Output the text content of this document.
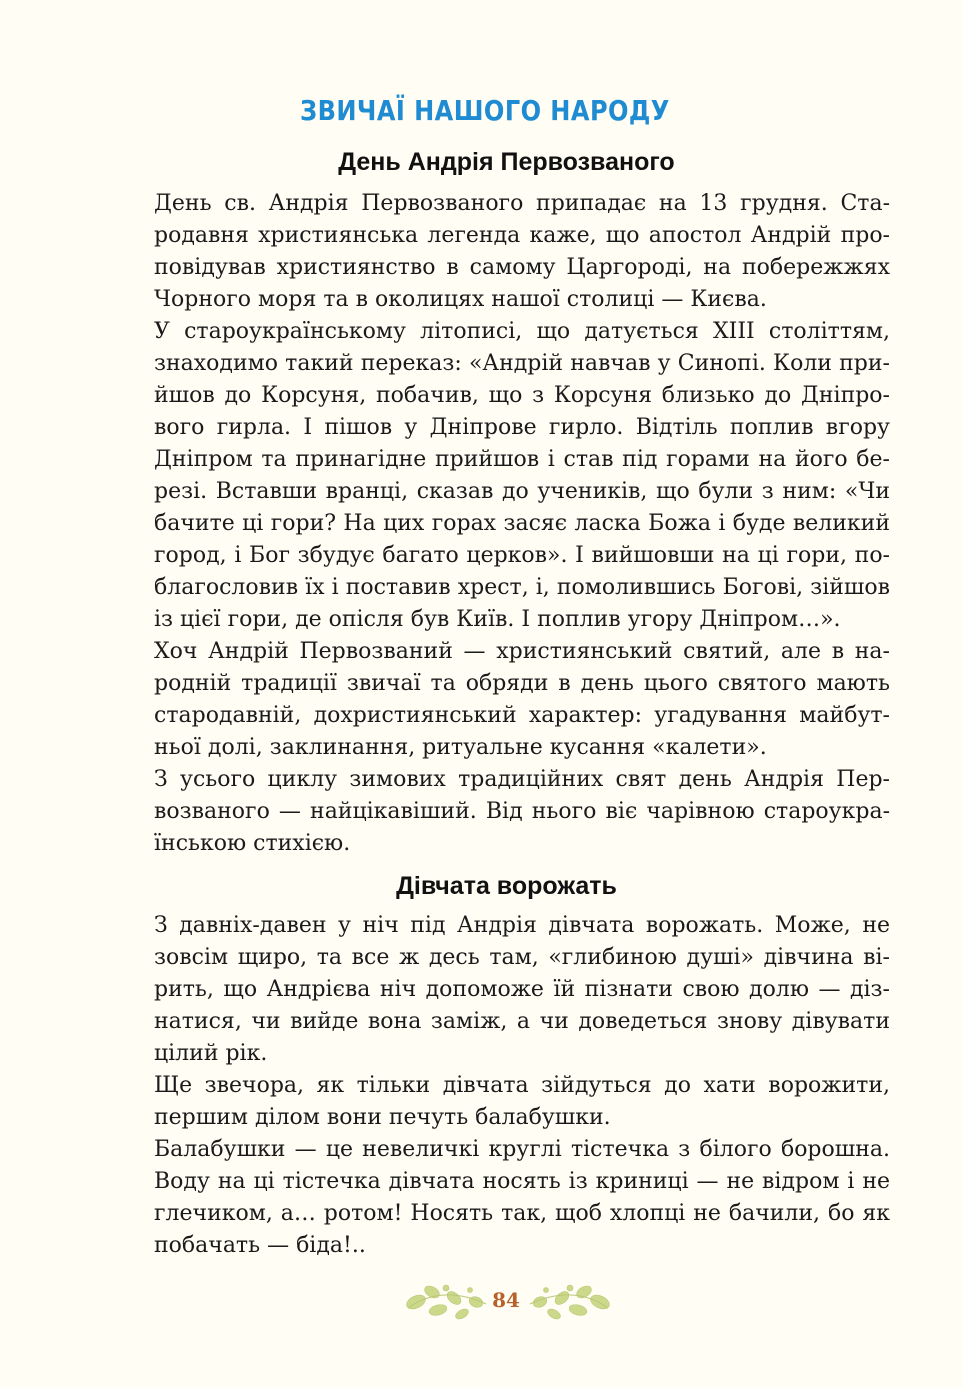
ЗВИЧАЇ НАШОГО НАРОДУ
День Андрія Первозваного

День св. Андрія Первозваного припадає на 13 грудня. Ста-
родавня християнська легенда каже, що апостол Андрій про-
повідував християнство в самому Царгороді, на побережжях
Чорного моря та в околицях нашої столиці — Києва.

У староукраїнському літописі, що датується XIII століттям,
знаходимо такий переказ: «Андрій навчав у Синопі. Коли при-
йшов до Корсуня, побачив, що з Корсуня близько до Дніпро-
вого гирла. І пішов у Дніпрове гирло. Відтіль поплив вгору
Дніпром та принагідне прийшов і став під горами на його бе-
резі. Вставши вранці, сказав до учеників, що були з ним: «Чи
бачите ці гори? На цих горах засяє ласка Божа і буде великий
город, і Бог збудує багато церков». І вийшовши на ці гори, по-
благословив їх і поставив хрест, і, помолившись Богові, зійшов
із цієї гори, де опісля був Київ. І поплив угору Дніпром…».

Хоч Андрій Первозваний — християнський святий, але в на-
родній традиції звичаї та обряди в день цього святого мають
стародавній, дохристиянський характер: угадування майбут-
ньої долі, заклинання, ритуальне кусання «калети».

З усього циклу зимових традиційних свят день Андрія Пер-
возваного — найцікавіший. Від нього віє чарівною староукра-
їнською стихією.

Дівчата ворожать

З давніх-давен у ніч під Андрія дівчата ворожать. Може, не
зовсім щиро, та все ж десь там, «глибиною душі» дівчина ві-
рить, що Андрієва ніч допоможе їй пізнати свою долю — діз-
натися, чи вийде вона заміж, а чи доведеться знову дівувати
цілий рік.

Ще звечора, як тільки дівчата зійдуться до хати ворожити,
першим ділом вони печуть балабушки.

Балабушки — це невеличкі круглі тістечка з білого борошна.
Воду на ці тістечка дівчата носять із криниці — не відром і не
глечиком, а… ротом! Носять так, щоб хлопці не бачили, бо як
побачать — біда!..

84
